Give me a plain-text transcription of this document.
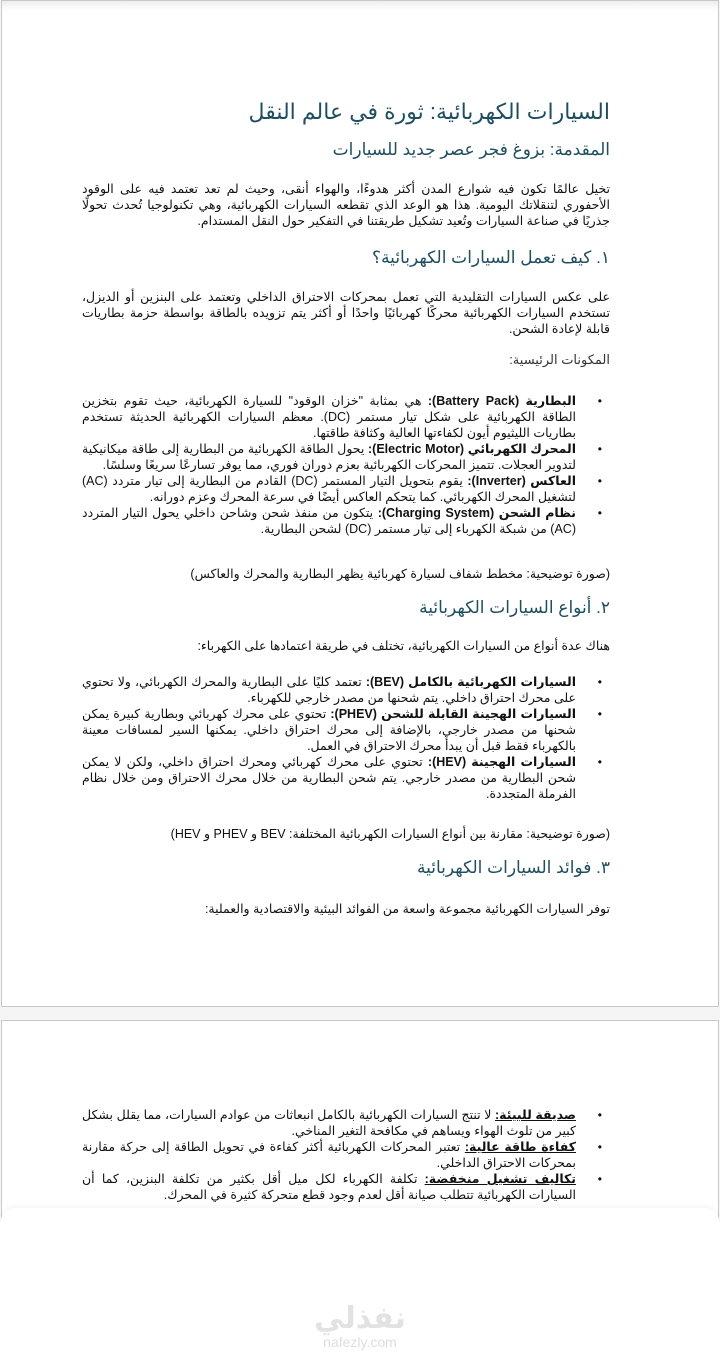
السيارات الكهربائية: ثورة في عالم النقل
المقدمة: بزوغ فجر عصر جديد للسيارات

تخيل عالمًا تكون فيه شوارع المدن أكثر هدوءًا، والهواء أنقى، وحيث لم تعد تعتمد فيه على الوقود الأحفوري لتنقلاتك اليومية. هذا هو الوعد الذي تقطعه السيارات الكهربائية، وهي تكنولوجيا تُحدث تحولًا جذريًا في صناعة السيارات وتُعيد تشكيل طريقتنا في التفكير حول النقل المستدام.

١. كيف تعمل السيارات الكهربائية؟

على عكس السيارات التقليدية التي تعمل بمحركات الاحتراق الداخلي وتعتمد على البنزين أو الديزل، تستخدم السيارات الكهربائية محركًا كهربائيًا واحدًا أو أكثر يتم تزويده بالطاقة بواسطة حزمة بطاريات قابلة لإعادة الشحن.

المكونات الرئيسية:
• البطارية (Battery Pack): هي بمثابة "خزان الوقود" للسيارة الكهربائية، حيث تقوم بتخزين الطاقة الكهربائية على شكل تيار مستمر (DC). معظم السيارات الكهربائية الحديثة تستخدم بطاريات الليثيوم أيون لكفاءتها العالية وكثافة طاقتها.
• المحرك الكهربائي (Electric Motor): يحول الطاقة الكهربائية من البطارية إلى طاقة ميكانيكية لتدوير العجلات. تتميز المحركات الكهربائية بعزم دوران فوري، مما يوفر تسارعًا سريعًا وسلسًا.
• العاكس (Inverter): يقوم بتحويل التيار المستمر (DC) القادم من البطارية إلى تيار متردد (AC) لتشغيل المحرك الكهربائي. كما يتحكم العاكس أيضًا في سرعة المحرك وعزم دورانه.
• نظام الشحن (Charging System): يتكون من منفذ شحن وشاحن داخلي يحول التيار المتردد (AC) من شبكة الكهرباء إلى تيار مستمر (DC) لشحن البطارية.
(صورة توضيحية: مخطط شفاف لسيارة كهربائية يظهر البطارية والمحرك والعاكس)
٢. أنواع السيارات الكهربائية

هناك عدة أنواع من السيارات الكهربائية، تختلف في طريقة اعتمادها على الكهرباء:

• السيارات الكهربائية بالكامل (BEV): تعتمد كليًا على البطارية والمحرك الكهربائي، ولا تحتوي على محرك احتراق داخلي. يتم شحنها من مصدر خارجي للكهرباء.
• السيارات الهجينة القابلة للشحن (PHEV): تحتوي على محرك كهربائي وبطارية كبيرة يمكن شحنها من مصدر خارجي، بالإضافة إلى محرك احتراق داخلي. يمكنها السير لمسافات معينة بالكهرباء فقط قبل أن يبدأ محرك الاحتراق في العمل.
• السيارات الهجينة (HEV): تحتوي على محرك كهربائي ومحرك احتراق داخلي، ولكن لا يمكن شحن البطارية من مصدر خارجي. يتم شحن البطارية من خلال محرك الاحتراق ومن خلال نظام الفرملة المتجددة.
(صورة توضيحية: مقارنة بين أنواع السيارات الكهربائية المختلفة: BEV و PHEV و HEV)
٣. فوائد السيارات الكهربائية

توفر السيارات الكهربائية مجموعة واسعة من الفوائد البيئية والاقتصادية والعملية:

• صديقة للبيئة: لا تنتج السيارات الكهربائية بالكامل انبعاثات من عوادم السيارات، مما يقلل بشكل كبير من تلوث الهواء ويساهم في مكافحة التغير المناخي.
• كفاءة طاقة عالية: تعتبر المحركات الكهربائية أكثر كفاءة في تحويل الطاقة إلى حركة مقارنة بمحركات الاحتراق الداخلي.
• تكاليف تشغيل منخفضة: تكلفة الكهرباء لكل ميل أقل بكثير من تكلفة البنزين، كما أن السيارات الكهربائية تتطلب صيانة أقل لعدم وجود قطع متحركة كثيرة في المحرك.
نفذلي
nafezly.com
